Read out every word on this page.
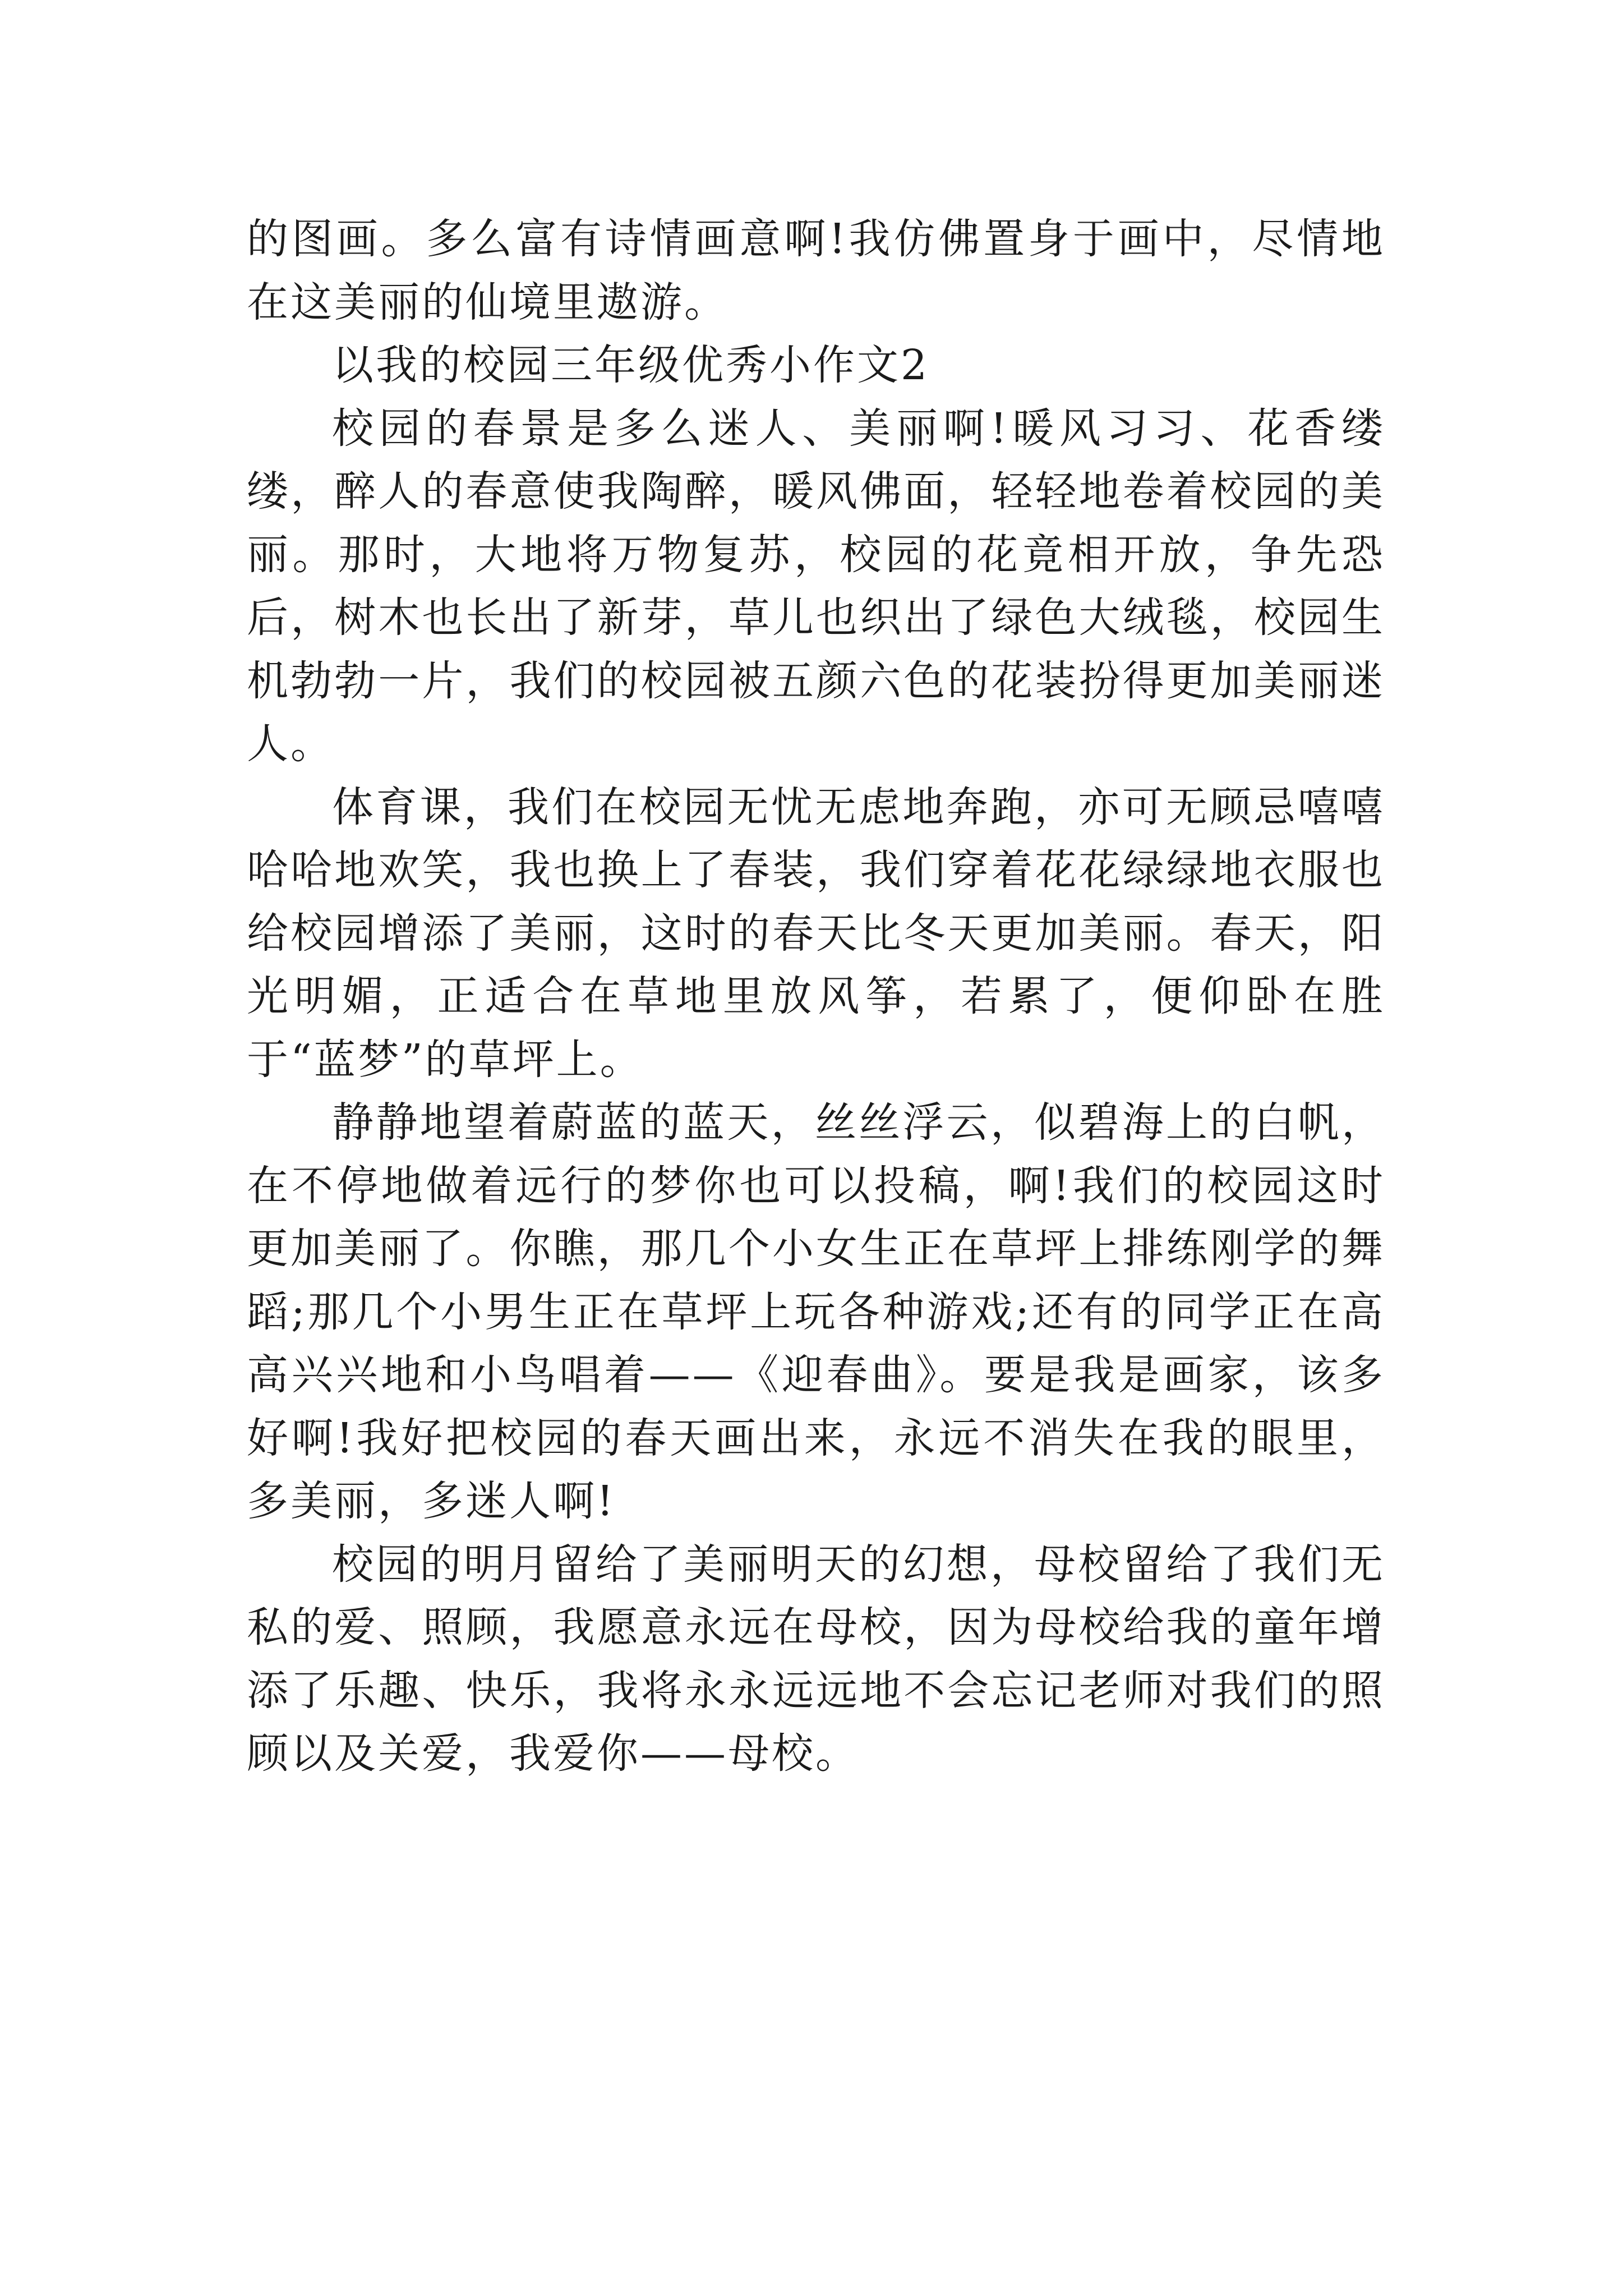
的图画。多么富有诗情画意啊!我仿佛置身于画中，尽情地在这美丽的仙境里遨游。

以我的校园三年级优秀小作文2

校园的春景是多么迷人、美丽啊!暖风习习、花香缕缕，醉人的春意使我陶醉，暖风佛面，轻轻地卷着校园的美丽。那时，大地将万物复苏，校园的花竟相开放，争先恐后，树木也长出了新芽，草儿也织出了绿色大绒毯，校园生机勃勃一片，我们的校园被五颜六色的花装扮得更加美丽迷人。

体育课，我们在校园无忧无虑地奔跑，亦可无顾忌嘻嘻哈哈地欢笑，我也换上了春装，我们穿着花花绿绿地衣服也给校园增添了美丽，这时的春天比冬天更加美丽。春天，阳光明媚，正适合在草地里放风筝，若累了，便仰卧在胜于“蓝梦”的草坪上。

静静地望着蔚蓝的蓝天，丝丝浮云，似碧海上的白帆，在不停地做着远行的梦你也可以投稿，啊!我们的校园这时更加美丽了。你瞧，那几个小女生正在草坪上排练刚学的舞蹈;那几个小男生正在草坪上玩各种游戏;还有的同学正在高高兴兴地和小鸟唱着——《迎春曲》。要是我是画家，该多好啊!我好把校园的春天画出来，永远不消失在我的眼里，多美丽，多迷人啊!

校园的明月留给了美丽明天的幻想，母校留给了我们无私的爱、照顾，我愿意永远在母校，因为母校给我的童年增添了乐趣、快乐，我将永永远远地不会忘记老师对我们的照顾以及关爱，我爱你——母校。
